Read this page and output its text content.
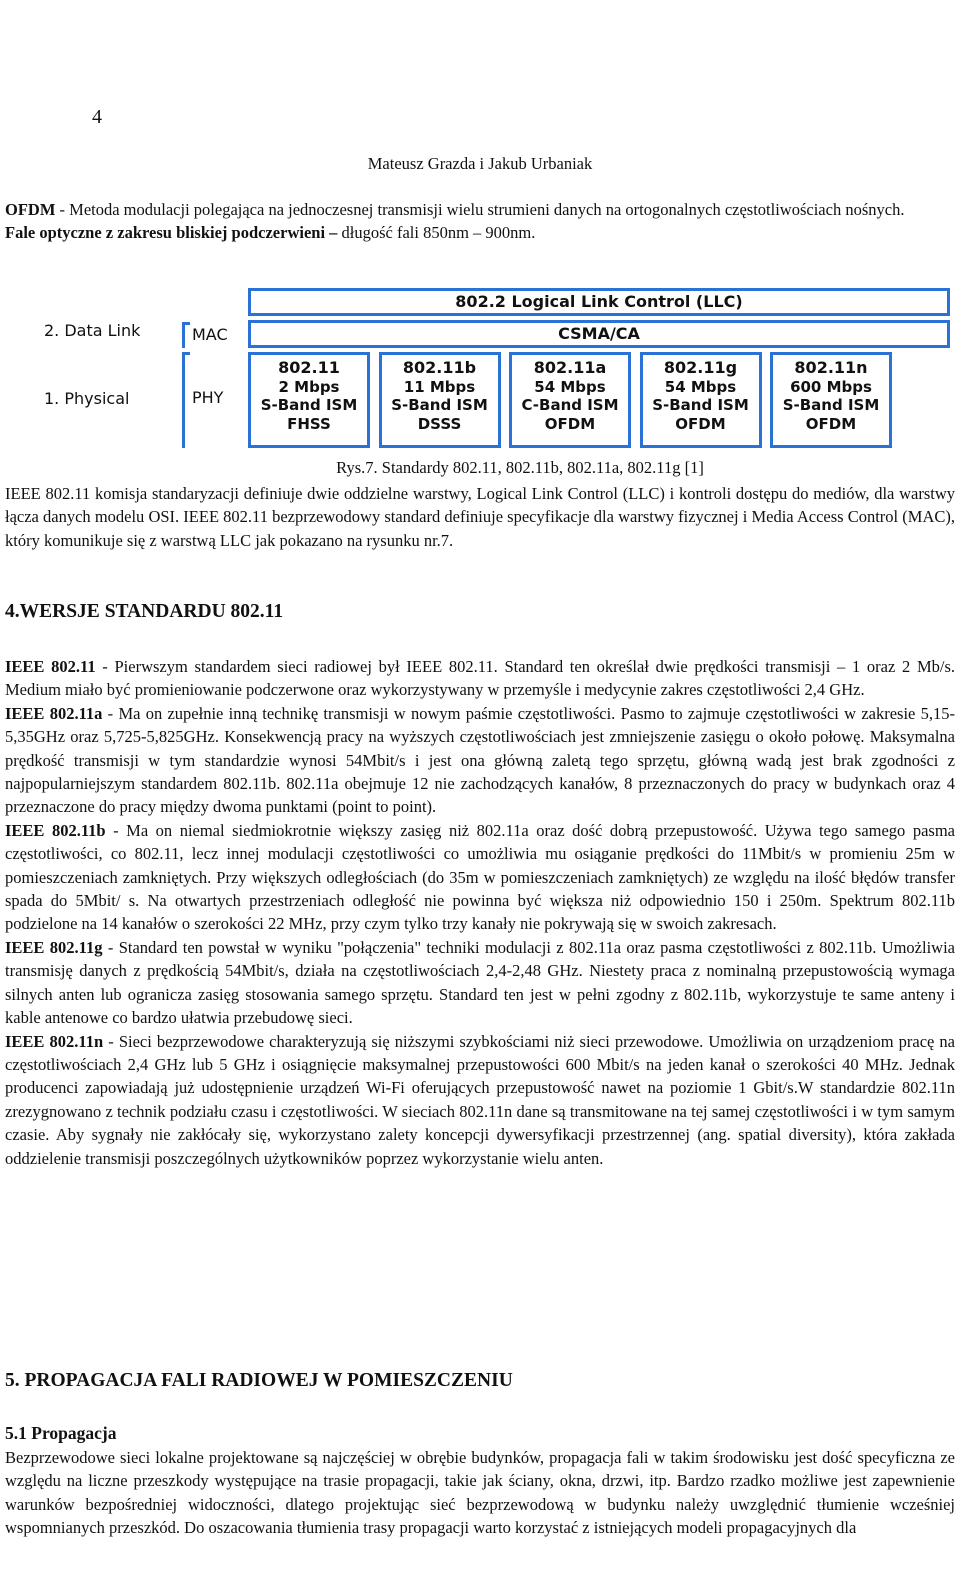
4
Mateusz Grazda i Jakub Urbaniak
OFDM - Metoda modulacji polegająca na jednoczesnej transmisji wielu strumieni danych na ortogonalnych częstotliwościach nośnych.
Fale optyczne z zakresu bliskiej podczerwieni – długość fali 850nm – 900nm.
2. Data Link
1. Physical
MAC
PHY
802.2 Logical Link Control (LLC)
CSMA/CA
802.11
2 Mbps
S-Band ISM
FHSS
802.11b
11 Mbps
S-Band ISM
DSSS
802.11a
54 Mbps
C-Band ISM
OFDM
802.11g
54 Mbps
S-Band ISM
OFDM
802.11n
600 Mbps
S-Band ISM
OFDM
Rys.7. Standardy 802.11, 802.11b, 802.11a, 802.11g [1]
IEEE 802.11 komisja standaryzacji definiuje dwie oddzielne warstwy, Logical Link Control (LLC) i kontroli dostępu do mediów, dla warstwy łącza danych modelu OSI. IEEE 802.11 bezprzewodowy standard definiuje specyfikacje dla warstwy fizycznej i Media Access Control (MAC), który komunikuje się z warstwą LLC jak pokazano na rysunku nr.7.
4.WERSJE STANDARDU 802.11
IEEE 802.11 - Pierwszym standardem sieci radiowej był IEEE 802.11. Standard ten określał dwie prędkości transmisji – 1 oraz 2 Mb/s. Medium miało być promieniowanie podczerwone oraz wykorzystywany w przemyśle i medycynie zakres częstotliwości 2,4 GHz.
IEEE 802.11a - Ma on zupełnie inną technikę transmisji w nowym paśmie częstotliwości. Pasmo to zajmuje częstotliwości w zakresie 5,15-5,35GHz oraz 5,725-5,825GHz. Konsekwencją pracy na wyższych częstotliwościach jest zmniejszenie zasięgu o około połowę. Maksymalna prędkość transmisji w tym standardzie wynosi 54Mbit/s i jest ona główną zaletą tego sprzętu, główną wadą jest brak zgodności z najpopularniejszym standardem 802.11b. 802.11a obejmuje 12 nie zachodzących kanałów, 8 przeznaczonych do pracy w budynkach oraz 4 przeznaczone do pracy między dwoma punktami (point to point).
IEEE 802.11b - Ma on niemal siedmiokrotnie większy zasięg niż 802.11a oraz dość dobrą przepustowość. Używa tego samego pasma częstotliwości, co 802.11, lecz innej modulacji częstotliwości co umożliwia mu osiąganie prędkości do 11Mbit/s w promieniu 25m w pomieszczeniach zamkniętych. Przy większych odległościach (do 35m w pomieszczeniach zamkniętych) ze względu na ilość błędów transfer spada do 5Mbit/ s. Na otwartych przestrzeniach odległość nie powinna być większa niż odpowiednio 150 i 250m. Spektrum 802.11b podzielone na 14 kanałów o szerokości 22 MHz, przy czym tylko trzy kanały nie pokrywają się w swoich zakresach.
IEEE 802.11g - Standard ten powstał w wyniku "połączenia" techniki modulacji z 802.11a oraz pasma częstotliwości z 802.11b. Umożliwia transmisję danych z prędkością 54Mbit/s, działa na częstotliwościach 2,4-2,48 GHz. Niestety praca z nominalną przepustowością wymaga silnych anten lub ogranicza zasięg stosowania samego sprzętu. Standard ten jest w pełni zgodny z 802.11b, wykorzystuje te same anteny i kable antenowe co bardzo ułatwia przebudowę sieci.
IEEE 802.11n - Sieci bezprzewodowe charakteryzują się niższymi szybkościami niż sieci przewodowe. Umożliwia on urządzeniom pracę na częstotliwościach 2,4 GHz lub 5 GHz i osiągnięcie maksymalnej przepustowości 600 Mbit/s na jeden kanał o szerokości 40 MHz. Jednak producenci zapowiadają już udostępnienie urządzeń Wi-Fi oferujących przepustowość nawet na poziomie 1 Gbit/s.W standardzie 802.11n zrezygnowano z technik podziału czasu i częstotliwości. W sieciach 802.11n dane są transmitowane na tej samej częstotliwości i w tym samym czasie. Aby sygnały nie zakłócały się, wykorzystano zalety koncepcji dywersyfikacji przestrzennej (ang. spatial diversity), która zakłada oddzielenie transmisji poszczególnych użytkowników poprzez wykorzystanie wielu anten.
5. PROPAGACJA FALI RADIOWEJ W POMIESZCZENIU
5.1 Propagacja
Bezprzewodowe sieci lokalne projektowane są najczęściej w obrębie budynków, propagacja fali w takim środowisku jest dość specyficzna ze względu na liczne przeszkody występujące na trasie propagacji, takie jak ściany, okna, drzwi, itp. Bardzo rzadko możliwe jest zapewnienie warunków bezpośredniej widoczności, dlatego projektując sieć bezprzewodową w budynku należy uwzględnić tłumienie wcześniej wspomnianych przeszkód. Do oszacowania tłumienia trasy propagacji warto korzystać z istniejących modeli propagacyjnych dla
